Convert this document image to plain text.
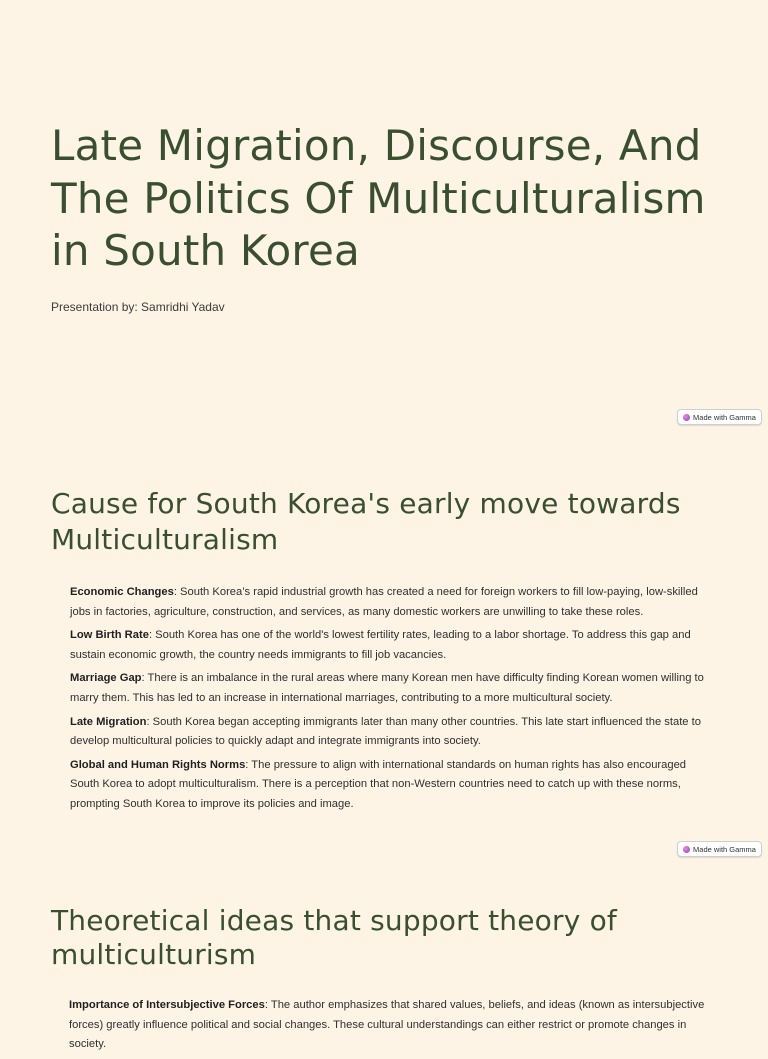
Late Migration, Discourse, And The Politics Of Multiculturalism in South Korea

Presentation by: Samridhi Yadav

Made with Gamma
Cause for South Korea's early move towards Multiculturalism
Economic Changes: South Korea’s rapid industrial growth has created a need for foreign workers to fill low-paying, low-skilled jobs in factories, agriculture, construction, and services, as many domestic workers are unwilling to take these roles.
Low Birth Rate: South Korea has one of the world's lowest fertility rates, leading to a labor shortage. To address this gap and sustain economic growth, the country needs immigrants to fill job vacancies.
Marriage Gap: There is an imbalance in the rural areas where many Korean men have difficulty finding Korean women willing to marry them. This has led to an increase in international marriages, contributing to a more multicultural society.
Late Migration: South Korea began accepting immigrants later than many other countries. This late start influenced the state to develop multicultural policies to quickly adapt and integrate immigrants into society.
Global and Human Rights Norms: The pressure to align with international standards on human rights has also encouraged South Korea to adopt multiculturalism. There is a perception that non-Western countries need to catch up with these norms, prompting South Korea to improve its policies and image.
Made with Gamma
Theoretical ideas that support theory of multiculturism
Importance of Intersubjective Forces: The author emphasizes that shared values, beliefs, and ideas (known as intersubjective forces) greatly influence political and social changes. These cultural understandings can either restrict or promote changes in society.
